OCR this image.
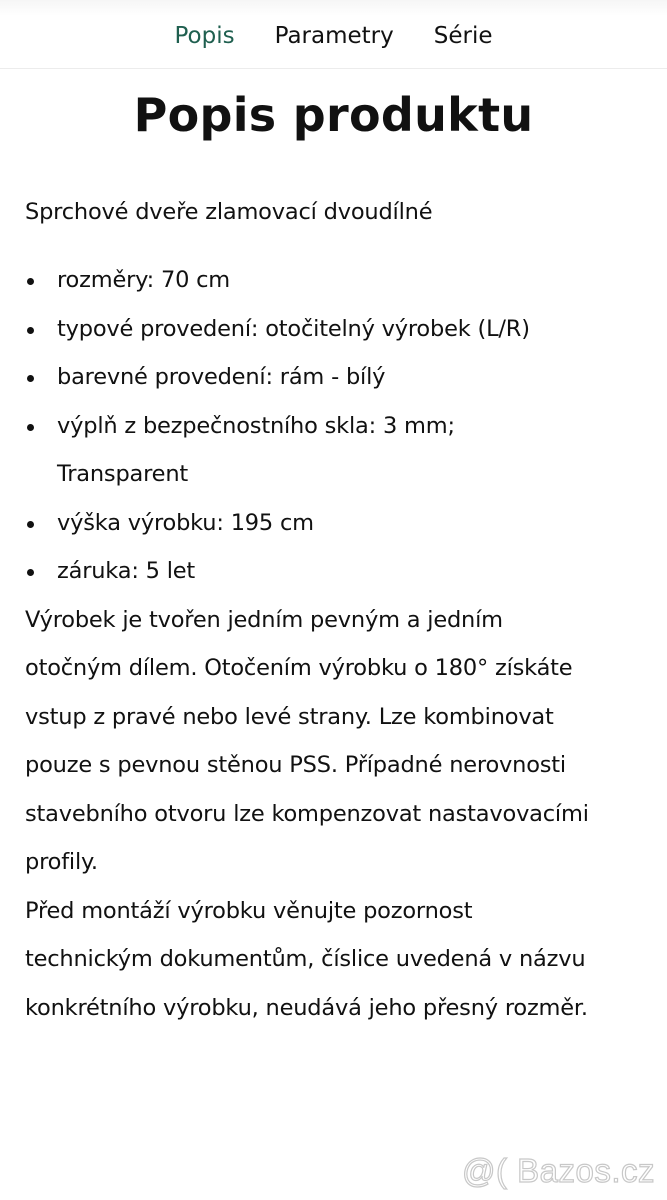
Popis Parametry Série
Popis produktu

Sprchové dveře zlamovací dvoudílné

rozměry: 70 cm
typové provedení: otočitelný výrobek (L/R)
barevné provedení: rám - bílý
výplň z bezpečnostního skla: 3 mm; Transparent
výška výrobku: 195 cm
záruka: 5 let

Výrobek je tvořen jedním pevným a jedním otočným dílem. Otočením výrobku o 180° získáte vstup z pravé nebo levé strany. Lze kombinovat pouze s pevnou stěnou PSS. Případné nerovnosti stavebního otvoru lze kompenzovat nastavovacími profily.

Před montáží výrobku věnujte pozornost technickým dokumentům, číslice uvedená v názvu konkrétního výrobku, neudává jeho přesný rozměr.

@( Bazos.cz
